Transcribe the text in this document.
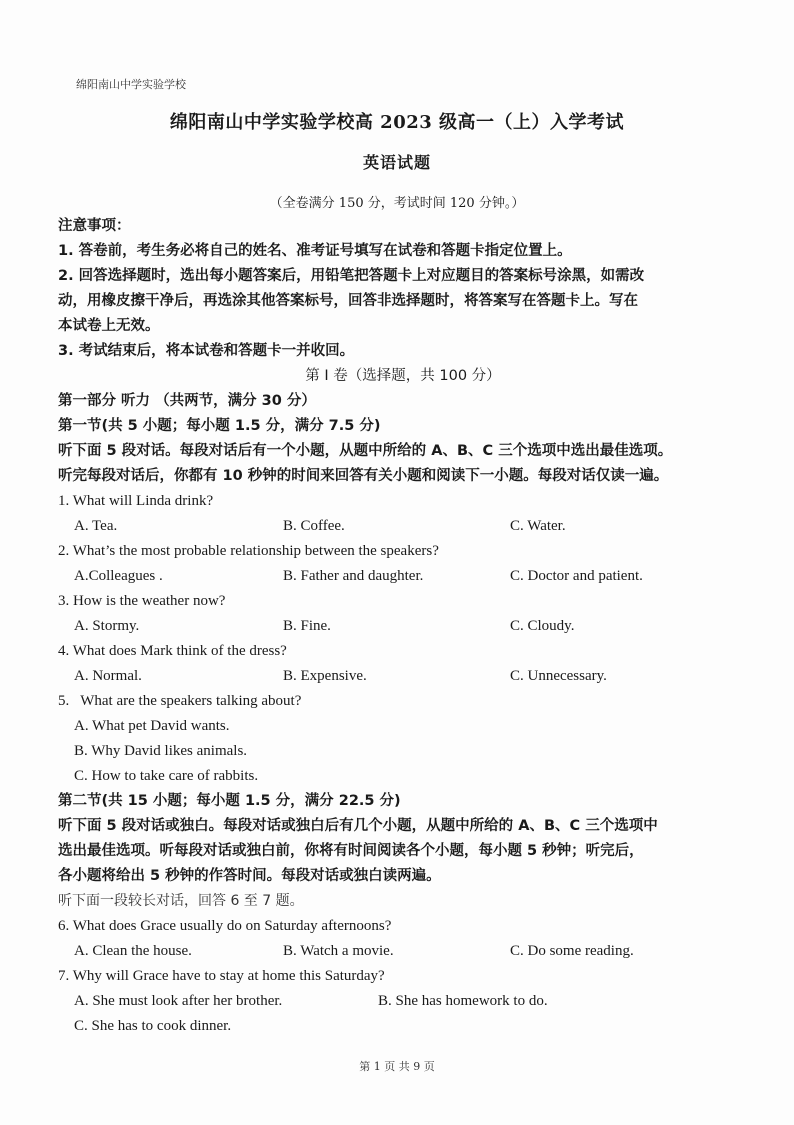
绵阳南山中学实验学校
绵阳南山中学实验学校高 2023 级高一（上）入学考试
英语试题
（全卷满分 150 分，考试时间 120 分钟。）
注意事项：
1. 答卷前，考生务必将自己的姓名、准考证号填写在试卷和答题卡指定位置上。
2. 回答选择题时，选出每小题答案后，用铅笔把答题卡上对应题目的答案标号涂黑，如需改
动，用橡皮擦干净后，再选涂其他答案标号，回答非选择题时，将答案写在答题卡上。写在
本试卷上无效。
3. 考试结束后，将本试卷和答题卡一并收回。
第 I 卷（选择题，共 100 分）
第一部分 听力 （共两节，满分 30 分）
第一节(共 5 小题；每小题 1.5 分，满分 7.5 分)
听下面 5 段对话。每段对话后有一个小题，从题中所给的 A、B、C 三个选项中选出最佳选项。
听完每段对话后，你都有 10 秒钟的时间来回答有关小题和阅读下一小题。每段对话仅读一遍。
1. What will Linda drink?
A. Tea.	B. Coffee.	C. Water.
2. What’s the most probable relationship between the speakers?
A.Colleagues .	B. Father and daughter.	C. Doctor and patient.
3. How is the weather now?
A. Stormy.	B. Fine.	C. Cloudy.
4. What does Mark think of the dress?
A. Normal.	B. Expensive.	C. Unnecessary.
5.   What are the speakers talking about?
A. What pet David wants.
B. Why David likes animals.
C. How to take care of rabbits.
第二节(共 15 小题；每小题 1.5 分，满分 22.5 分)
听下面 5 段对话或独白。每段对话或独白后有几个小题，从题中所给的 A、B、C 三个选项中
选出最佳选项。听每段对话或独白前，你将有时间阅读各个小题，每小题 5 秒钟；听完后，
各小题将给出 5 秒钟的作答时间。每段对话或独白读两遍。
听下面一段较长对话，回答 6 至 7 题。
6. What does Grace usually do on Saturday afternoons?
A. Clean the house.	B. Watch a movie.	C. Do some reading.
7. Why will Grace have to stay at home this Saturday?
A. She must look after her brother.	B. She has homework to do.
C. She has to cook dinner.
第 1 页 共 9 页
